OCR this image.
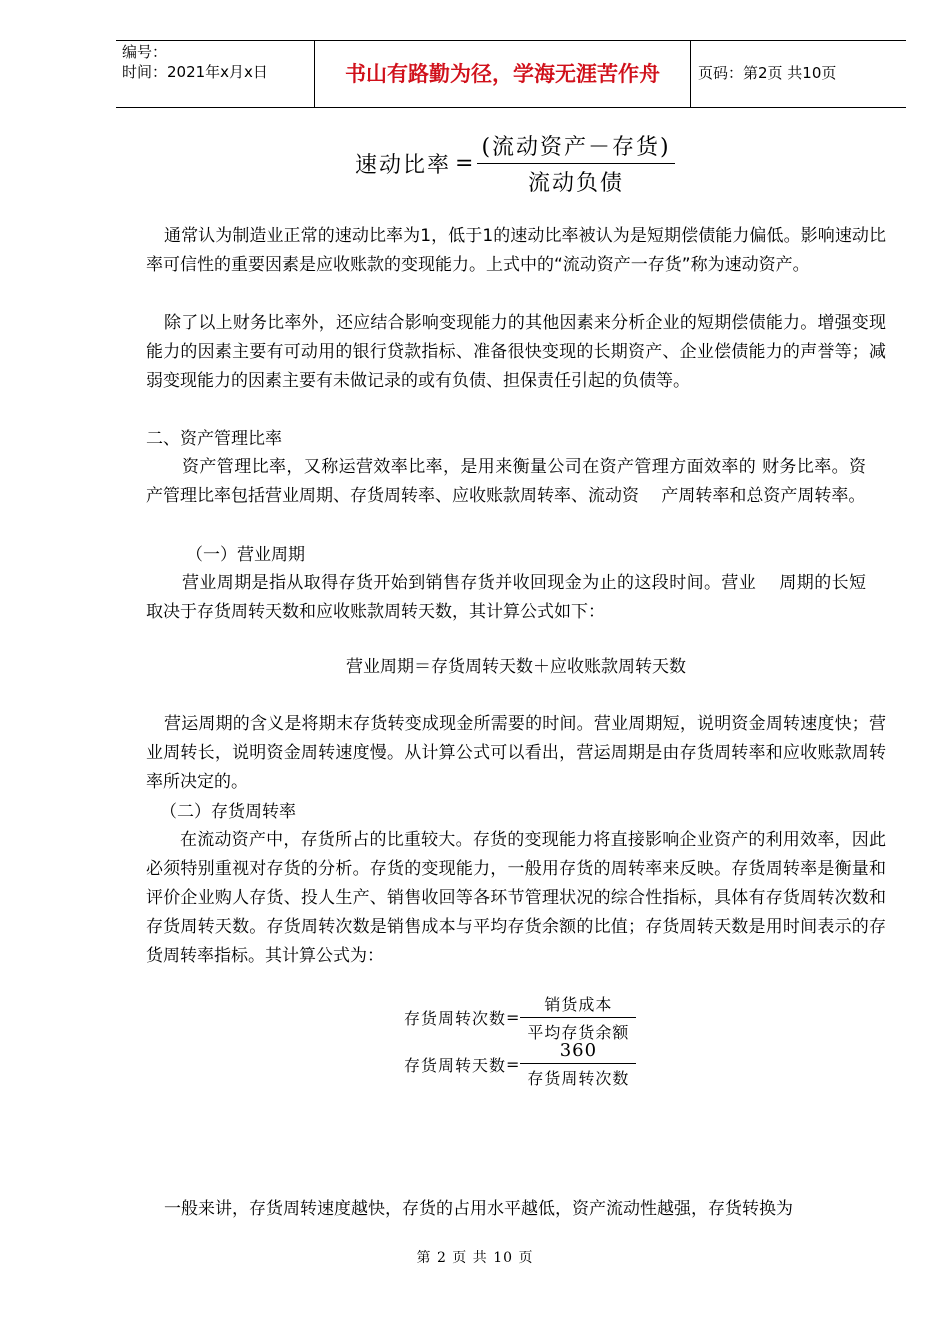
编号：
时间：2021年x月x日	书山有路勤为径，学海无涯苦作舟	页码：第2页 共10页
速动比率 = $\frac{\text{(流动资产－存货)}}{\text{流动负债}}$
通常认为制造业正常的速动比率为1，低于1的速动比率被认为是短期偿债能力偏低。影响速动比率可信性的重要因素是应收账款的变现能力。上式中的“流动资产一存货”称为速动资产。
除了以上财务比率外，还应结合影响变现能力的其他因素来分析企业的短期偿债能力。增强变现能力的因素主要有可动用的银行贷款指标、准备很快变现的长期资产、企业偿债能力的声誉等；减弱变现能力的因素主要有未做记录的或有负债、担保责任引起的负债等。
二、资产管理比率
资产管理比率，又称运营效率比率，是用来衡量公司在资产管理方面效率的 财务比率。资产管理比率包括营业周期、存货周转率、应收账款周转率、流动资　 产周转率和总资产周转率。
（一）营业周期
营业周期是指从取得存货开始到销售存货并收回现金为止的这段时间。营业　 周期的长短取决于存货周转天数和应收账款周转天数，其计算公式如下：
营业周期＝存货周转天数＋应收账款周转天数
营运周期的含义是将期末存货转变成现金所需要的时间。营业周期短，说明资金周转速度快；营业周转长，说明资金周转速度慢。从计算公式可以看出，营运周期是由存货周转率和应收账款周转率所决定的。
（二）存货周转率
在流动资产中，存货所占的比重较大。存货的变现能力将直接影响企业资产的利用效率，因此必须特别重视对存货的分析。存货的变现能力，一般用存货的周转率来反映。存货周转率是衡量和评价企业购人存货、投人生产、销售收回等各环节管理状况的综合性指标，具体有存货周转次数和存货周转天数。存货周转次数是销售成本与平均存货余额的比值；存货周转天数是用时间表示的存货周转率指标。其计算公式为：
存货周转次数 = $\frac{\text{销货成本}}{\text{平均存货余额}}$
存货周转天数 = $\frac{360}{\text{存货周转次数}}$
一般来讲，存货周转速度越快，存货的占用水平越低，资产流动性越强，存货转换为
第 2 页 共 10 页
